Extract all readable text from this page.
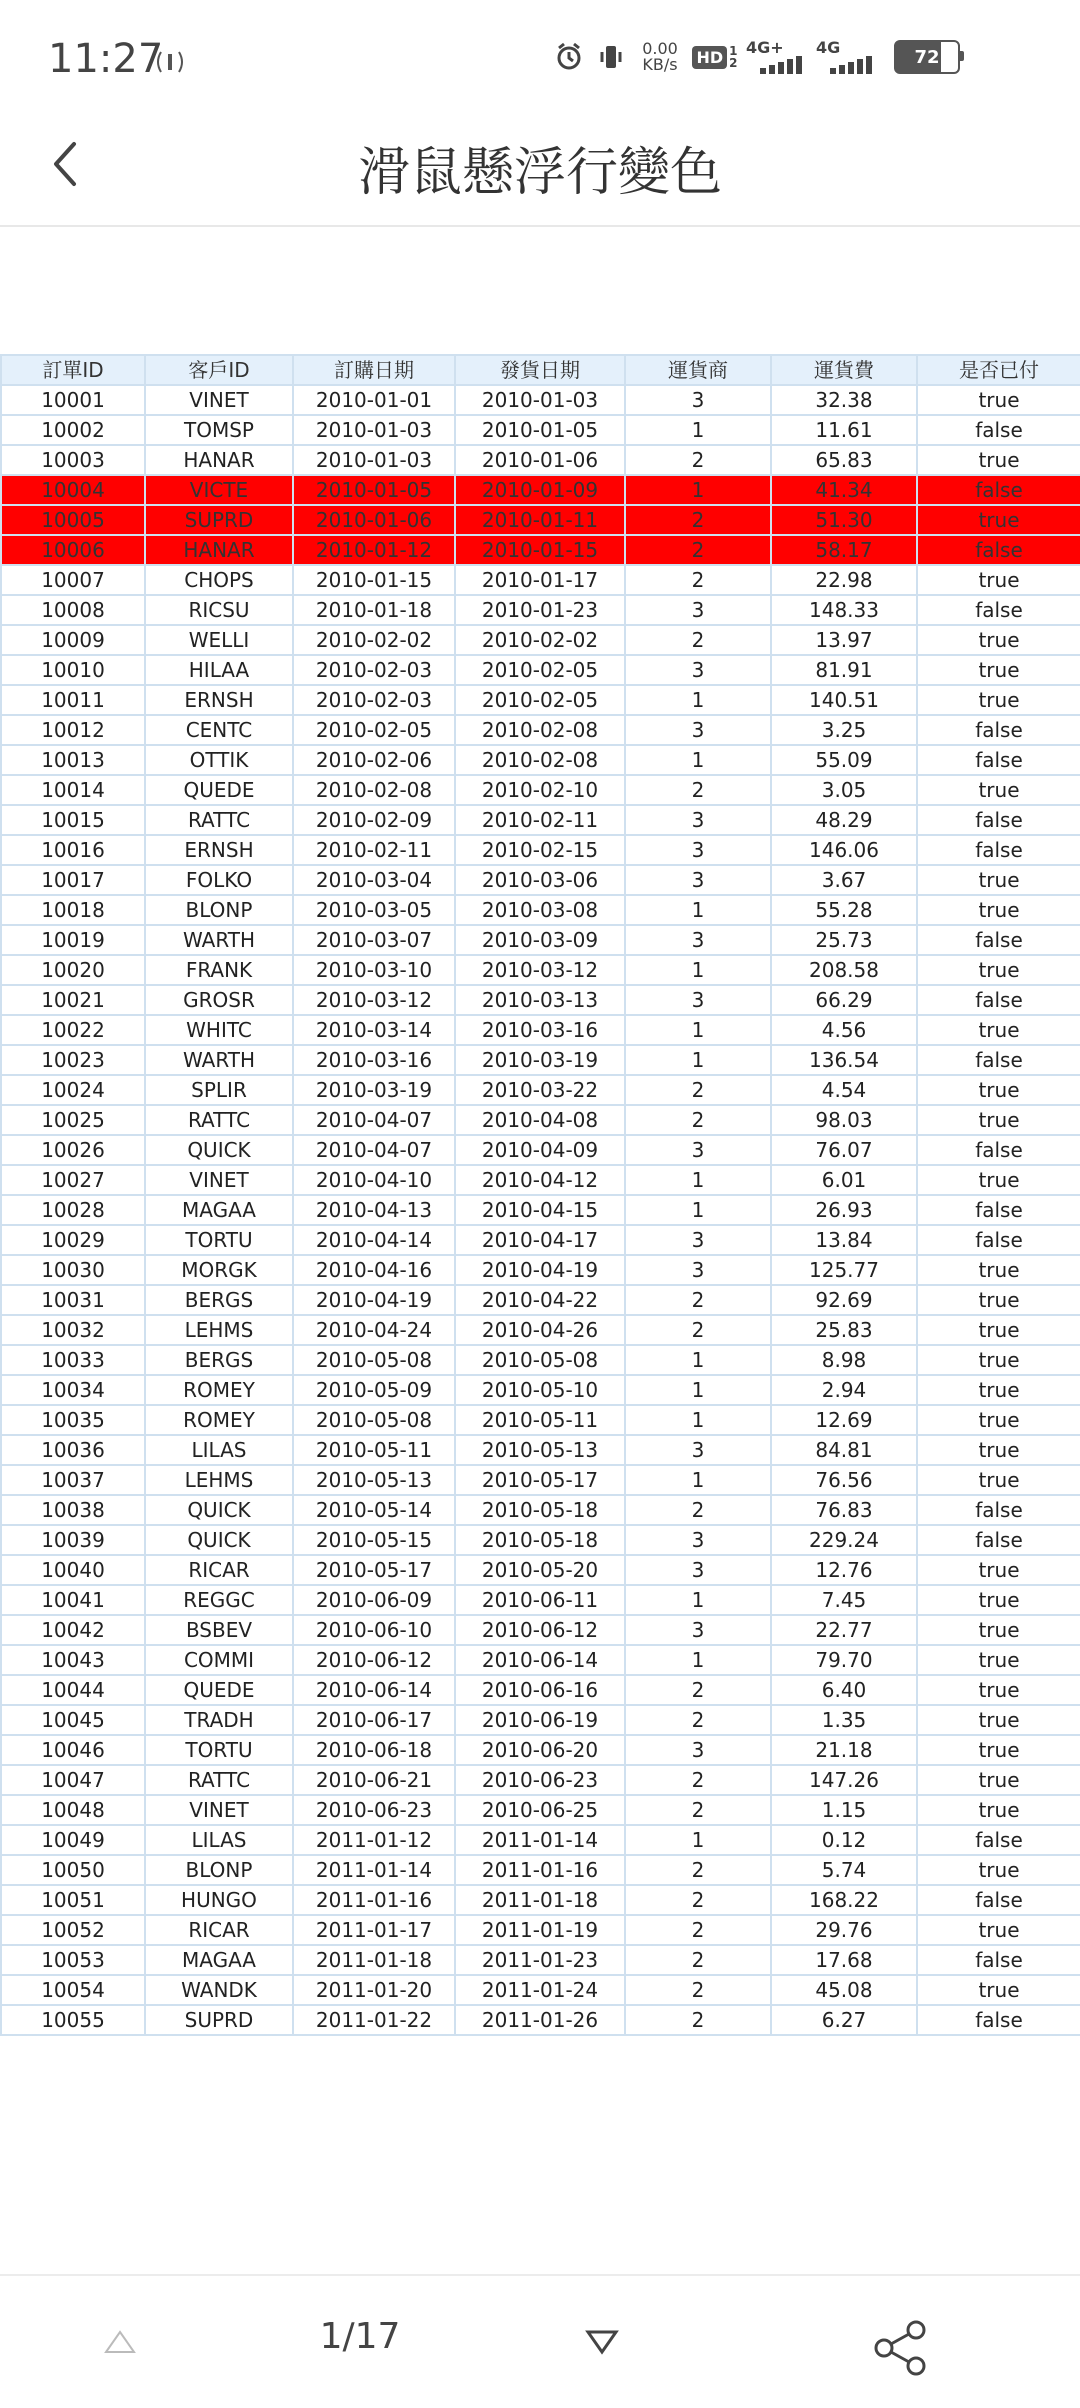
11:27	0.00
KB/s	HD 1
2
4G+ 4G	72
滑鼠懸浮行變色
訂單ID	客戶ID	訂購日期	發貨日期	運貨商	運貨費	是否已付
10001	VINET	2010-01-01	2010-01-03	3	32.38	true
10002	TOMSP	2010-01-03	2010-01-05	1	11.61	false
10003	HANAR	2010-01-03	2010-01-06	2	65.83	true
10004	VICTE	2010-01-05	2010-01-09	1	41.34	false
10005	SUPRD	2010-01-06	2010-01-11	2	51.30	true
10006	HANAR	2010-01-12	2010-01-15	2	58.17	false
10007	CHOPS	2010-01-15	2010-01-17	2	22.98	true
10008	RICSU	2010-01-18	2010-01-23	3	148.33	false
10009	WELLI	2010-02-02	2010-02-02	2	13.97	true
10010	HILAA	2010-02-03	2010-02-05	3	81.91	true
10011	ERNSH	2010-02-03	2010-02-05	1	140.51	true
10012	CENTC	2010-02-05	2010-02-08	3	3.25	false
10013	OTTIK	2010-02-06	2010-02-08	1	55.09	false
10014	QUEDE	2010-02-08	2010-02-10	2	3.05	true
10015	RATTC	2010-02-09	2010-02-11	3	48.29	false
10016	ERNSH	2010-02-11	2010-02-15	3	146.06	false
10017	FOLKO	2010-03-04	2010-03-06	3	3.67	true
10018	BLONP	2010-03-05	2010-03-08	1	55.28	true
10019	WARTH	2010-03-07	2010-03-09	3	25.73	false
10020	FRANK	2010-03-10	2010-03-12	1	208.58	true
10021	GROSR	2010-03-12	2010-03-13	3	66.29	false
10022	WHITC	2010-03-14	2010-03-16	1	4.56	true
10023	WARTH	2010-03-16	2010-03-19	1	136.54	false
10024	SPLIR	2010-03-19	2010-03-22	2	4.54	true
10025	RATTC	2010-04-07	2010-04-08	2	98.03	true
10026	QUICK	2010-04-07	2010-04-09	3	76.07	false
10027	VINET	2010-04-10	2010-04-12	1	6.01	true
10028	MAGAA	2010-04-13	2010-04-15	1	26.93	false
10029	TORTU	2010-04-14	2010-04-17	3	13.84	false
10030	MORGK	2010-04-16	2010-04-19	3	125.77	true
10031	BERGS	2010-04-19	2010-04-22	2	92.69	true
10032	LEHMS	2010-04-24	2010-04-26	2	25.83	true
10033	BERGS	2010-05-08	2010-05-08	1	8.98	true
10034	ROMEY	2010-05-09	2010-05-10	1	2.94	true
10035	ROMEY	2010-05-08	2010-05-11	1	12.69	true
10036	LILAS	2010-05-11	2010-05-13	3	84.81	true
10037	LEHMS	2010-05-13	2010-05-17	1	76.56	true
10038	QUICK	2010-05-14	2010-05-18	2	76.83	false
10039	QUICK	2010-05-15	2010-05-18	3	229.24	false
10040	RICAR	2010-05-17	2010-05-20	3	12.76	true
10041	REGGC	2010-06-09	2010-06-11	1	7.45	true
10042	BSBEV	2010-06-10	2010-06-12	3	22.77	true
10043	COMMI	2010-06-12	2010-06-14	1	79.70	true
10044	QUEDE	2010-06-14	2010-06-16	2	6.40	true
10045	TRADH	2010-06-17	2010-06-19	2	1.35	true
10046	TORTU	2010-06-18	2010-06-20	3	21.18	true
10047	RATTC	2010-06-21	2010-06-23	2	147.26	true
10048	VINET	2010-06-23	2010-06-25	2	1.15	true
10049	LILAS	2011-01-12	2011-01-14	1	0.12	false
10050	BLONP	2011-01-14	2011-01-16	2	5.74	true
10051	HUNGO	2011-01-16	2011-01-18	2	168.22	false
10052	RICAR	2011-01-17	2011-01-19	2	29.76	true
10053	MAGAA	2011-01-18	2011-01-23	2	17.68	false
10054	WANDK	2011-01-20	2011-01-24	2	45.08	true
10055	SUPRD	2011-01-22	2011-01-26	2	6.27	false
1/17
